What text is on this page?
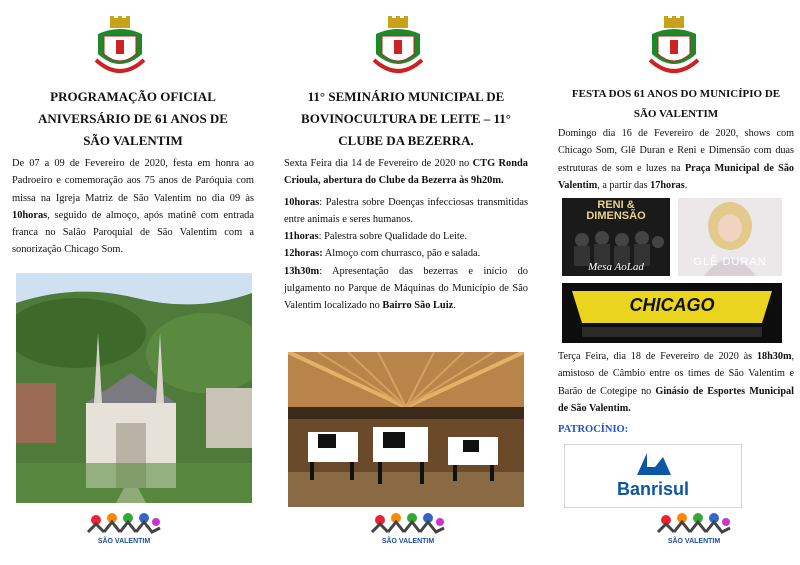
PROGRAMAÇÃO OFICIAL
ANIVERSÁRIO DE 61 ANOS DE
SÃO VALENTIM

De 07 a 09 de Fevereiro de 2020, festa em honra ao Padroeiro e comemoração aos 75 anos de Paróquia com missa na Igreja Matriz de São Valentim no dia 09 às 10horas, seguido de almoço, após matinê com entrada franca no Salão Paroquial de São Valentim com a sonorização Chicago Som.

SÃO VALENTIM
11° SEMINÁRIO MUNICIPAL DE
BOVINOCULTURA DE LEITE – 11°
CLUBE DA BEZERRA.

Sexta Feira dia 14 de Fevereiro de 2020 no CTG Ronda Crioula, abertura do Clube da Bezerra às 9h20m.

10horas: Palestra sobre Doenças infecciosas transmitidas entre animais e seres humanos.

11horas: Palestra sobre Qualidade do Leite.

12horas: Almoço com churrasco, pão e salada.

13h30m: Apresentação das bezerras e início do julgamento no Parque de Máquinas do Município de São Valentim localizado no Bairro São Luiz.

SÃO VALENTIM
FESTA DOS 61 ANOS DO MUNICÍPIO DE
SÃO VALENTIM

Domingo dia 16 de Fevereiro de 2020, shows com Chicago Som, Glê Duran e Reni e Dimensão com duas estruturas de som e luzes na Praça Municipal de São Valentim, a partir das 17horas.

RENI &
DIMENSÃO
Mesa AoLad	GLÊ DURAN
CHICAGO

Terça Feira, dia 18 de Fevereiro de 2020 às 18h30m, amistoso de Câmbio entre os times de São Valentim e Barão de Cotegipe no Ginásio de Esportes Municipal de São Valentim.

PATROCÍNIO:
Banrisul
SÃO VALENTIM
